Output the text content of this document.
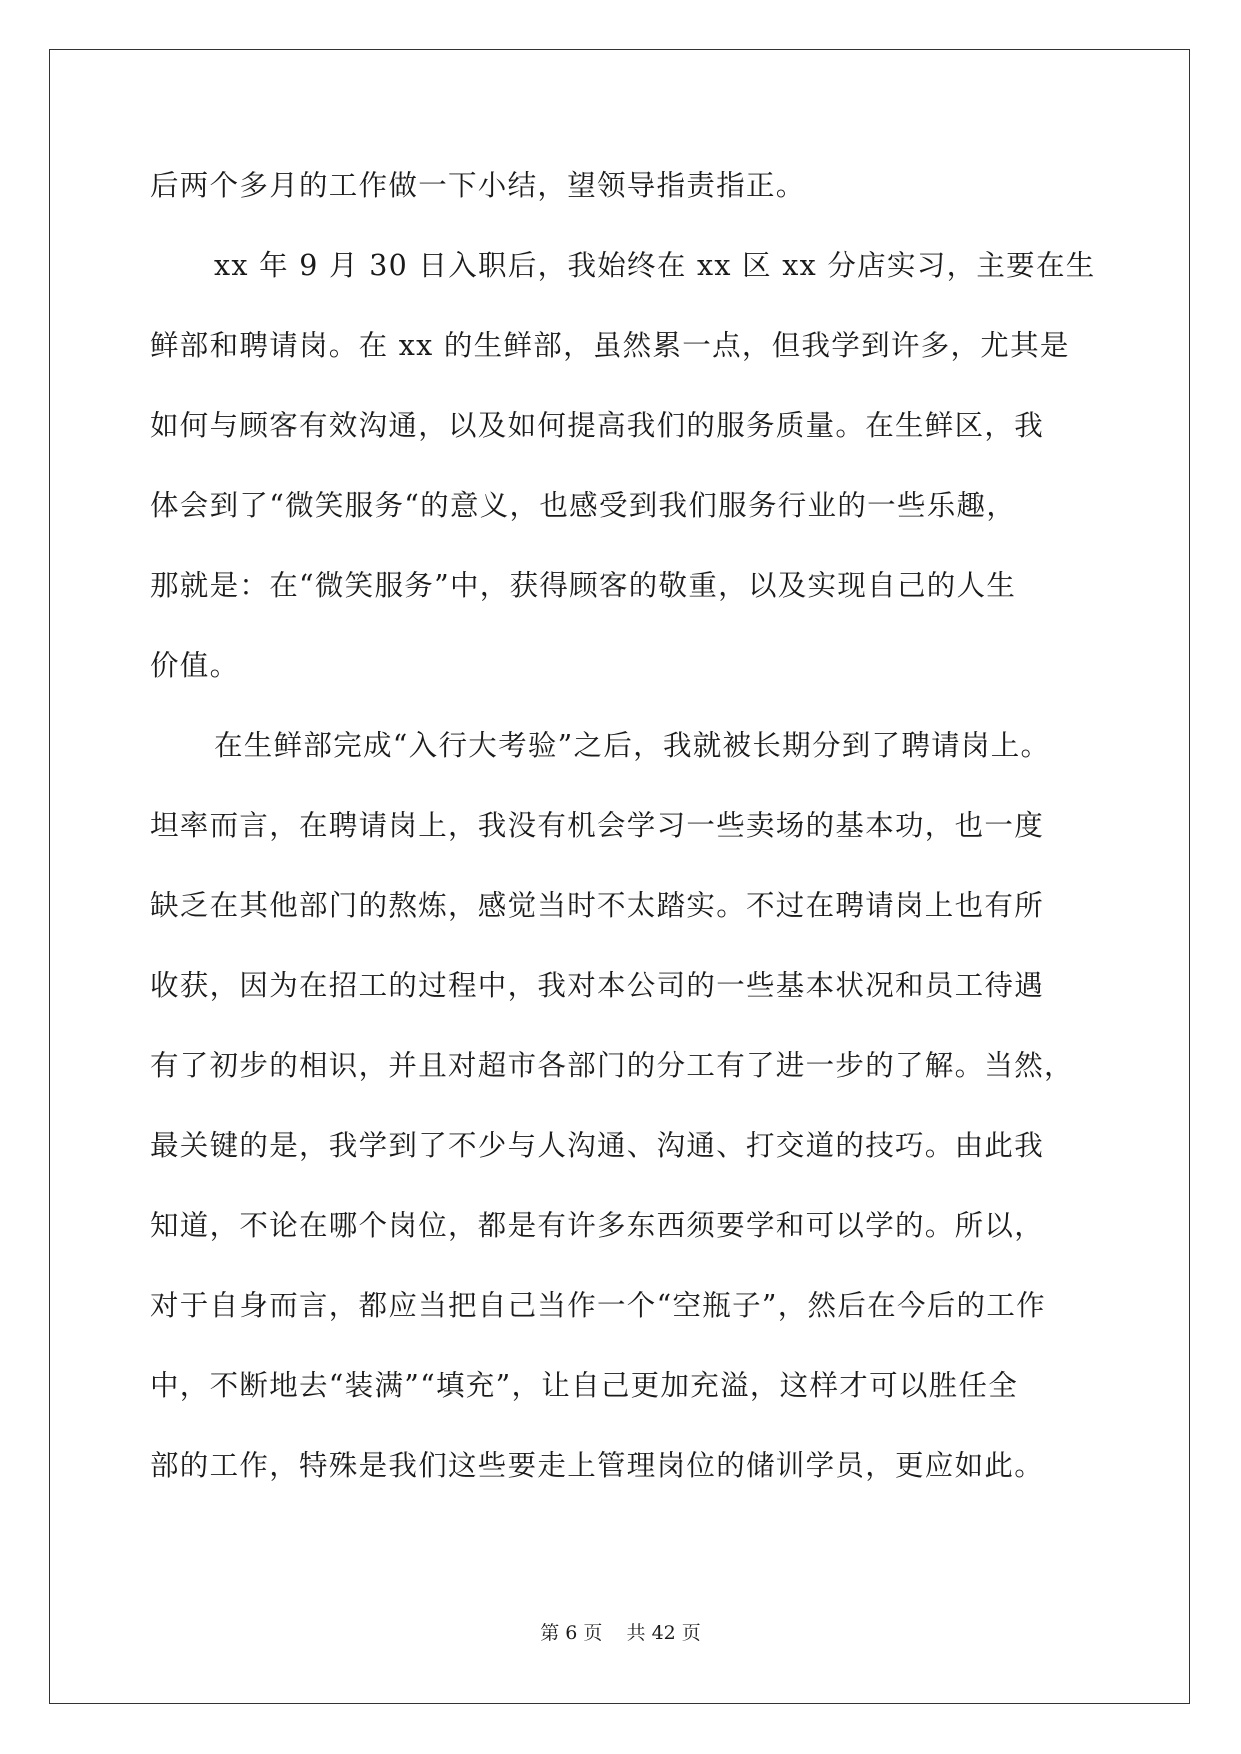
后两个多月的工作做一下小结，望领导指责指正。
xx 年 9 月 30 日入职后，我始终在 xx 区 xx 分店实习，主要在生
鲜部和聘请岗。在 xx 的生鲜部，虽然累一点，但我学到许多，尤其是
如何与顾客有效沟通，以及如何提高我们的服务质量。在生鲜区，我
体会到了“微笑服务“的意义，也感受到我们服务行业的一些乐趣，
那就是：在“微笑服务”中，获得顾客的敬重，以及实现自己的人生
价值。
在生鲜部完成“入行大考验”之后，我就被长期分到了聘请岗上。
坦率而言，在聘请岗上，我没有机会学习一些卖场的基本功，也一度
缺乏在其他部门的熬炼，感觉当时不太踏实。不过在聘请岗上也有所
收获，因为在招工的过程中，我对本公司的一些基本状况和员工待遇
有了初步的相识，并且对超市各部门的分工有了进一步的了解。当然，
最关键的是，我学到了不少与人沟通、沟通、打交道的技巧。由此我
知道，不论在哪个岗位，都是有许多东西须要学和可以学的。所以，
对于自身而言，都应当把自己当作一个“空瓶子”，然后在今后的工作
中，不断地去“装满”“填充”，让自己更加充溢，这样才可以胜任全
部的工作，特殊是我们这些要走上管理岗位的储训学员，更应如此。
第 6 页    共 42 页
